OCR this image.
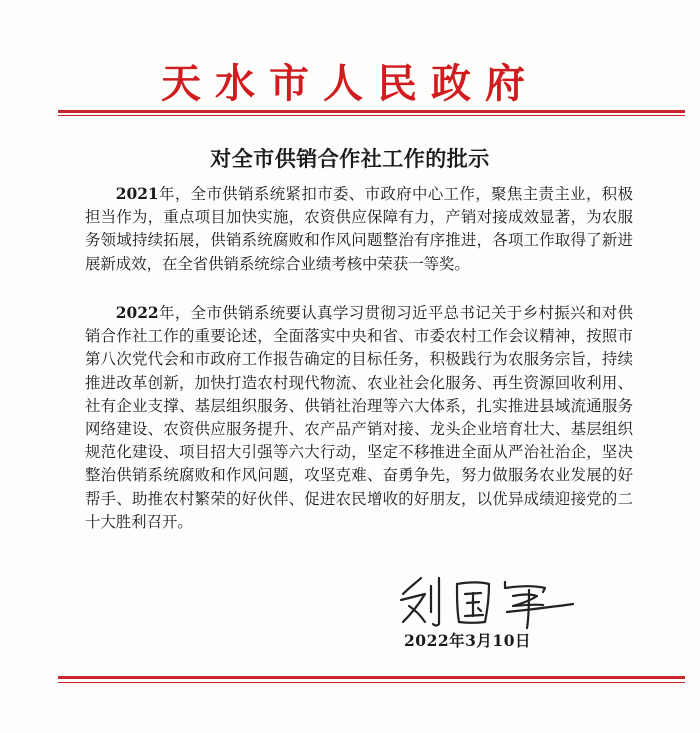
天水市人民政府
对全市供销合作社工作的批示

2021年，全市供销系统紧扣市委、市政府中心工作，聚焦主责主业，积极担当作为，重点项目加快实施，农资供应保障有力，产销对接成效显著，为农服务领域持续拓展，供销系统腐败和作风问题整治有序推进，各项工作取得了新进展新成效，在全省供销系统综合业绩考核中荣获一等奖。

2022年，全市供销系统要认真学习贯彻习近平总书记关于乡村振兴和对供销合作社工作的重要论述，全面落实中央和省、市委农村工作会议精神，按照市第八次党代会和市政府工作报告确定的目标任务，积极践行为农服务宗旨，持续推进改革创新，加快打造农村现代物流、农业社会化服务、再生资源回收利用、社有企业支撑、基层组织服务、供销社治理等六大体系，扎实推进县域流通服务网络建设、农资供应服务提升、农产品产销对接、龙头企业培育壮大、基层组织规范化建设、项目招大引强等六大行动，坚定不移推进全面从严治社治企，坚决整治供销系统腐败和作风问题，攻坚克难、奋勇争先，努力做服务农业发展的好帮手、助推农村繁荣的好伙伴、促进农民增收的好朋友，以优异成绩迎接党的二十大胜利召开。

2022年3月10日
